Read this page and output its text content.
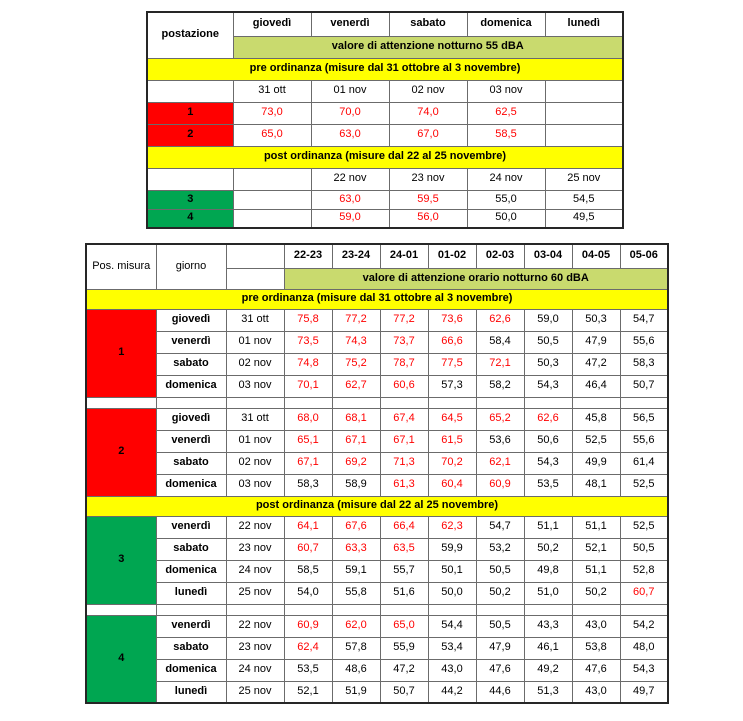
postazione	giovedì	venerdì	sabato	domenica	lunedì
	valore di attenzione notturno 55 dBA				
pre ordinanza (misure dal 31 ottobre al 3 novembre)					
	31 ott	01 nov	02 nov	03 nov	
1	73,0	70,0	74,0	62,5	
2	65,0	63,0	67,0	58,5	
post ordinanza (misure dal 22 al 25 novembre)					
		22 nov	23 nov	24 nov	25 nov
3		63,0	59,5	55,0	54,5
4		59,0	56,0	50,0	49,5
Pos. misura	giorno		22-23	23-24	24-01	01-02	02-03	03-04	04-05	05-06
			valore di attenzione orario notturno 60 dBA							
pre ordinanza (misure dal 31 ottobre al 3 novembre)										
1	giovedì	31 ott	75,8	77,2	77,2	73,6	62,6	59,0	50,3	54,7
	venerdì	01 nov	73,5	74,3	73,7	66,6	58,4	50,5	47,9	55,6
	sabato	02 nov	74,8	75,2	78,7	77,5	72,1	50,3	47,2	58,3
	domenica	03 nov	70,1	62,7	60,6	57,3	58,2	54,3	46,4	50,7

2	giovedì	31 ott	68,0	68,1	67,4	64,5	65,2	62,6	45,8	56,5
	venerdì	01 nov	65,1	67,1	67,1	61,5	53,6	50,6	52,5	55,6
	sabato	02 nov	67,1	69,2	71,3	70,2	62,1	54,3	49,9	61,4
	domenica	03 nov	58,3	58,9	61,3	60,4	60,9	53,5	48,1	52,5
post ordinanza (misure dal 22 al 25 novembre)										
3	venerdì	22 nov	64,1	67,6	66,4	62,3	54,7	51,1	51,1	52,5
	sabato	23 nov	60,7	63,3	63,5	59,9	53,2	50,2	52,1	50,5
	domenica	24 nov	58,5	59,1	55,7	50,1	50,5	49,8	51,1	52,8
	lunedì	25 nov	54,0	55,8	51,6	50,0	50,2	51,0	50,2	60,7

4	venerdì	22 nov	60,9	62,0	65,0	54,4	50,5	43,3	43,0	54,2
	sabato	23 nov	62,4	57,8	55,9	53,4	47,9	46,1	53,8	48,0
	domenica	24 nov	53,5	48,6	47,2	43,0	47,6	49,2	47,6	54,3
	lunedì	25 nov	52,1	51,9	50,7	44,2	44,6	51,3	43,0	49,7
